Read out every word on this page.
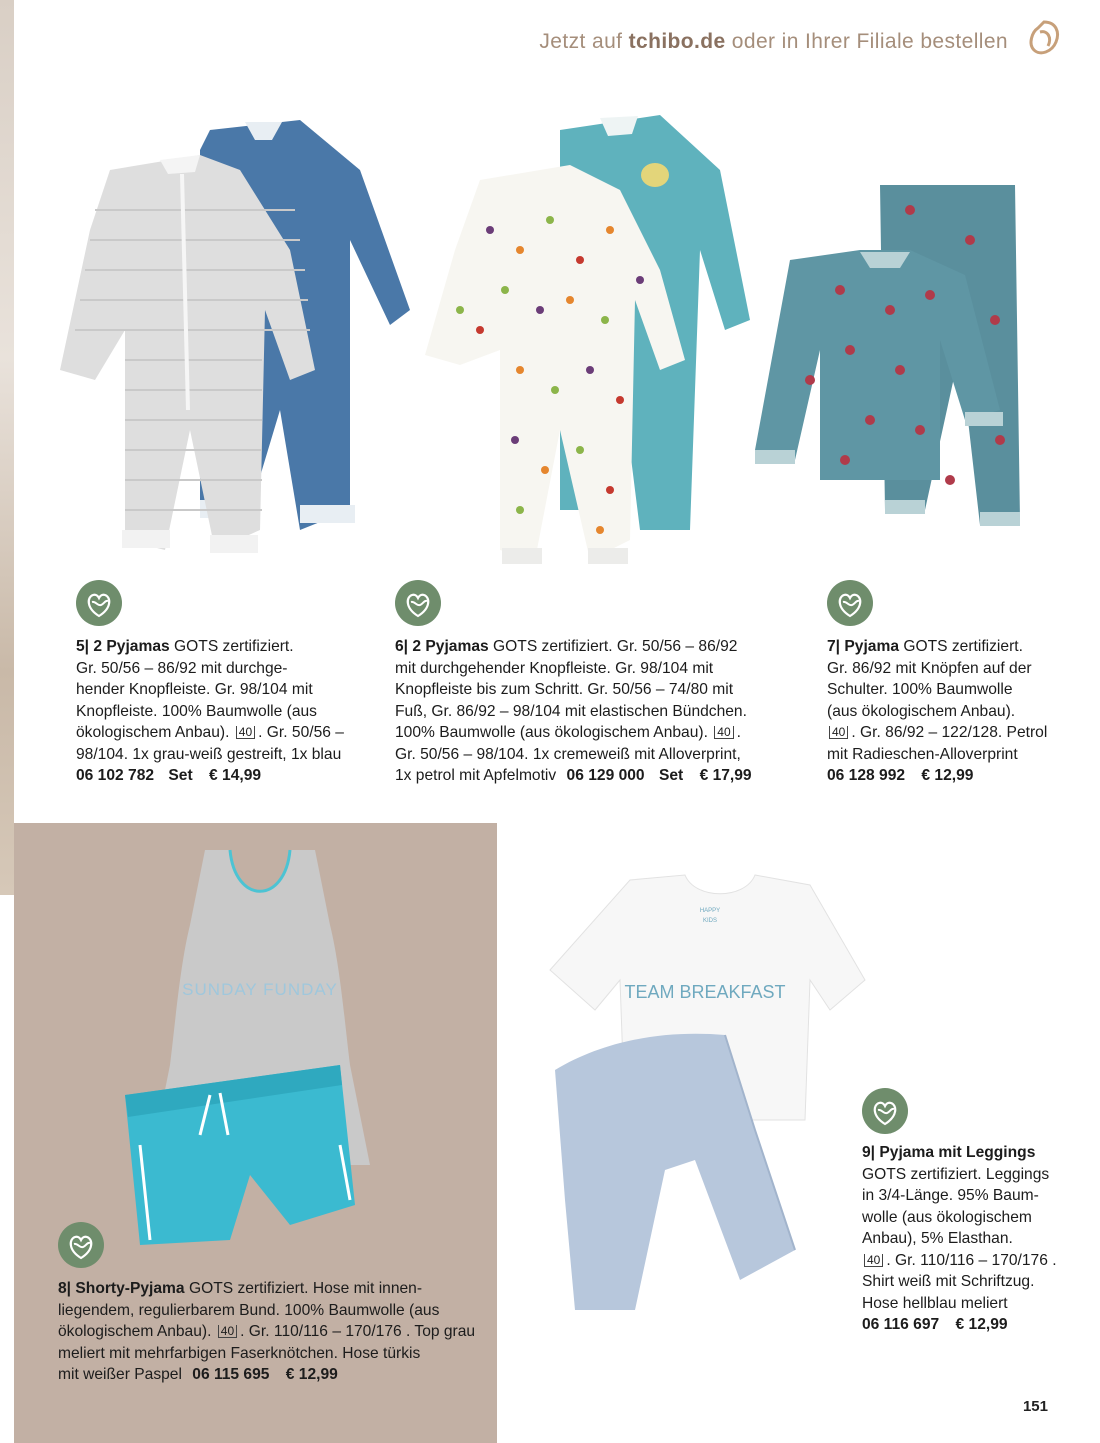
Jetzt auf tchibo.de oder in Ihrer Filiale bestellen
5| 2 Pyjamas GOTS zertifiziert.
Gr. 50/56 – 86/92 mit durchge-
hender Knopfleiste. Gr. 98/104 mit
Knopfleiste. 100% Baumwolle (aus
ökologischem Anbau). 40 . Gr. 50/56 –
98/104. 1x grau-weiß gestreift, 1x blau
06 102 782 Set € 14,99
6| 2 Pyjamas GOTS zertifiziert. Gr. 50/56 – 86/92
mit durchgehender Knopfleiste. Gr. 98/104 mit
Knopfleiste bis zum Schritt. Gr. 50/56 – 74/80 mit
Fuß, Gr. 86/92 – 98/104 mit elastischen Bündchen.
100% Baumwolle (aus ökologischem Anbau). 40 .
Gr. 50/56 – 98/104. 1x cremeweiß mit Alloverprint,
1x petrol mit Apfelmotiv 06 129 000 Set € 17,99
7| Pyjama GOTS zertifiziert.
Gr. 86/92 mit Knöpfen auf der
Schulter. 100% Baumwolle
(aus ökologischem Anbau).
40 . Gr. 86/92 – 122/128. Petrol
mit Radieschen-Alloverprint
06 128 992 € 12,99
SUNDAY FUNDAY
8| Shorty-Pyjama GOTS zertifiziert. Hose mit innen-
liegendem, regulierbarem Bund. 100% Baumwolle (aus
ökologischem Anbau). 40 . Gr. 110/116 – 170/176 . Top grau
meliert mit mehrfarbigen Faserknötchen. Hose türkis
mit weißer Paspel 06 115 695 € 12,99
TEAM BREAKFAST
HAPPY
KIDS
9| Pyjama mit Leggings
GOTS zertifiziert. Leggings
in 3/4-Länge. 95% Baum-
wolle (aus ökologischem
Anbau), 5% Elasthan.
40 . Gr. 110/116 – 170/176 .
Shirt weiß mit Schriftzug.
Hose hellblau meliert
06 116 697 € 12,99
151
